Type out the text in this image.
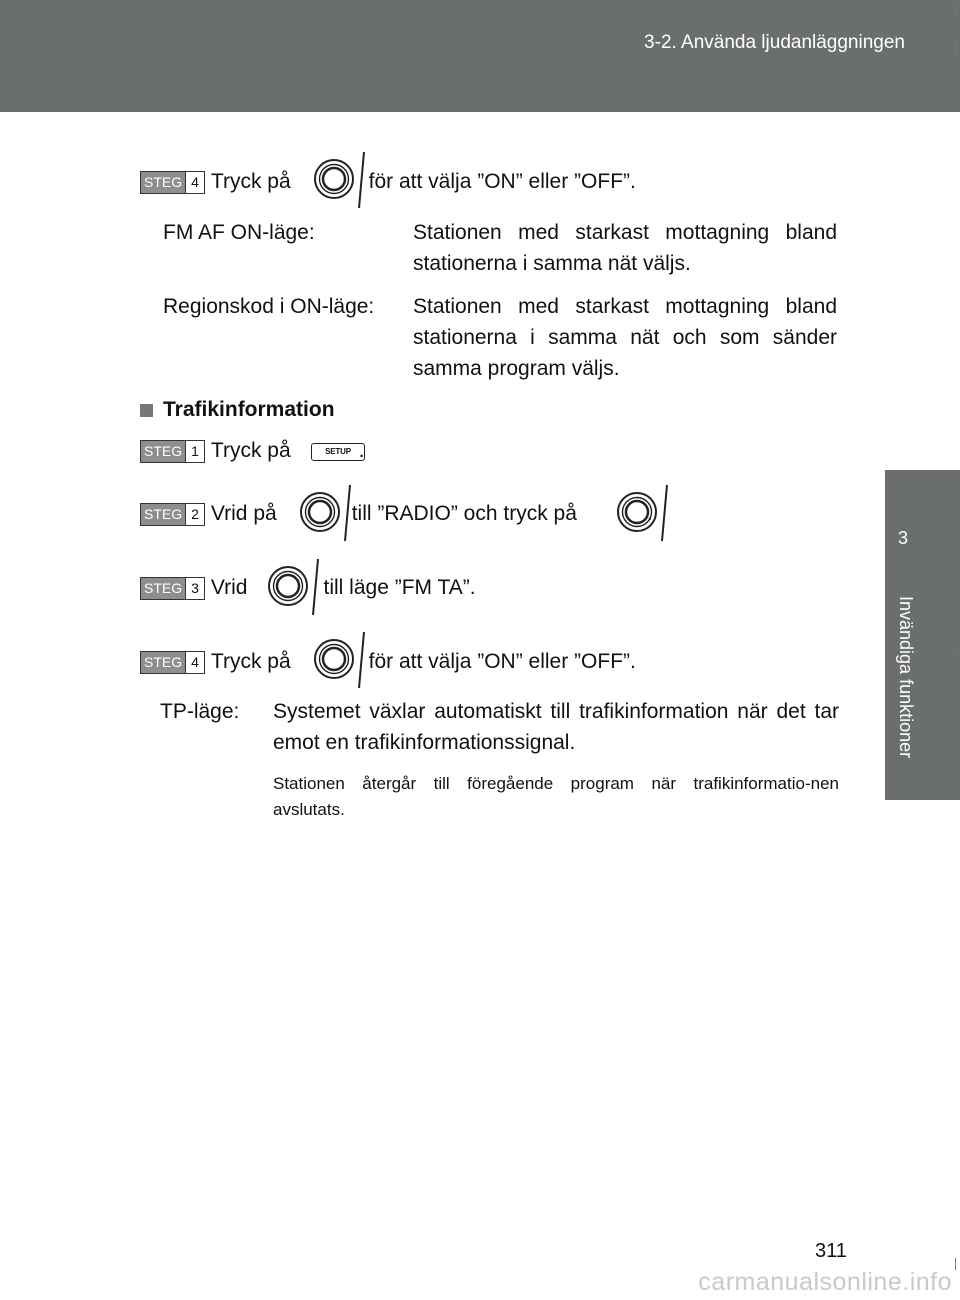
3-2. Använda ljudanläggningen
3
Invändiga funktioner
STEG 4 Tryck på	för att välja ”ON” eller ”OFF”.
FM AF ON-läge:	Stationen med starkast mottagning bland stationerna i samma nät väljs.
Regionskod i ON-läge: Stationen med starkast mottagning bland stationerna i samma nät och som sänder samma program väljs.
Trafikinformation
STEG 1 Tryck på	.
SETUP
STEG 2 Vrid på	till ”RADIO” och tryck på	.
STEG 3 Vrid	till läge ”FM TA”.
STEG 4 Tryck på	för att välja ”ON” eller ”OFF”.
TP-läge: Systemet växlar automatiskt till trafikinformation när det tar emot en trafikinformationssignal.
Stationen återgår till föregående program när trafikinformatio-nen avslutats.
311
carmanualsonline.info
